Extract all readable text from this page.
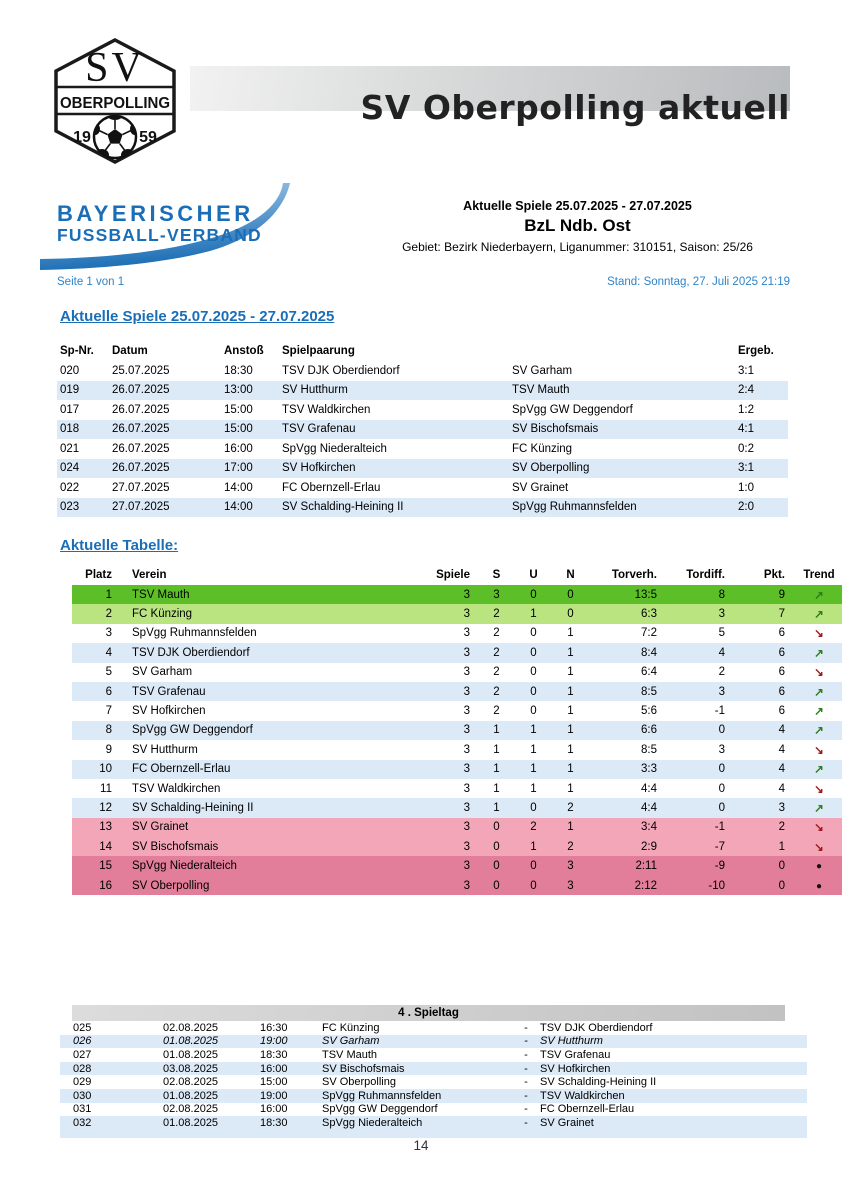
SV
OBERPOLLING
19	59
SV Oberpolling aktuell
BAYERISCHER
FUSSBALL-VERBAND
Aktuelle Spiele 25.07.2025 - 27.07.2025
BzL Ndb. Ost
Gebiet: Bezirk Niederbayern, Liganummer: 310151, Saison: 25/26
Seite 1 von 1	Stand: Sonntag, 27. Juli 2025 21:19
Aktuelle Spiele 25.07.2025 - 27.07.2025
Sp-Nr.	Datum	Anstoß	Spielpaarung		Ergeb.
020	25.07.2025	18:30	TSV DJK Oberdiendorf	SV Garham	3:1
019	26.07.2025	13:00	SV Hutthurm	TSV Mauth	2:4
017	26.07.2025	15:00	TSV Waldkirchen	SpVgg GW Deggendorf	1:2
018	26.07.2025	15:00	TSV Grafenau	SV Bischofsmais	4:1
021	26.07.2025	16:00	SpVgg Niederalteich	FC Künzing	0:2
024	26.07.2025	17:00	SV Hofkirchen	SV Oberpolling	3:1
022	27.07.2025	14:00	FC Obernzell-Erlau	SV Grainet	1:0
023	27.07.2025	14:00	SV Schalding-Heining II	SpVgg Ruhmannsfelden	2:0
Aktuelle Tabelle:
Platz	Verein	Spiele	S	U	N	Torverh.	Tordiff.	Pkt.	Trend
1	TSV Mauth	3	3	0	0	13:5	8	9	↗
2	FC Künzing	3	2	1	0	6:3	3	7	↗
3	SpVgg Ruhmannsfelden	3	2	0	1	7:2	5	6	↘
4	TSV DJK Oberdiendorf	3	2	0	1	8:4	4	6	↗
5	SV Garham	3	2	0	1	6:4	2	6	↘
6	TSV Grafenau	3	2	0	1	8:5	3	6	↗
7	SV Hofkirchen	3	2	0	1	5:6	-1	6	↗
8	SpVgg GW Deggendorf	3	1	1	1	6:6	0	4	↗
9	SV Hutthurm	3	1	1	1	8:5	3	4	↘
10	FC Obernzell-Erlau	3	1	1	1	3:3	0	4	↗
11	TSV Waldkirchen	3	1	1	1	4:4	0	4	↘
12	SV Schalding-Heining II	3	1	0	2	4:4	0	3	↗
13	SV Grainet	3	0	2	1	3:4	-1	2	↘
14	SV Bischofsmais	3	0	1	2	2:9	-7	1	↘
15	SpVgg Niederalteich	3	0	0	3	2:11	-9	0	●
16	SV Oberpolling	3	0	0	3	2:12	-10	0	●
4 . Spieltag
025	02.08.2025	16:30	FC Künzing	-	TSV DJK Oberdiendorf
026	01.08.2025	19:00	SV Garham	-	SV Hutthurm
027	01.08.2025	18:30	TSV Mauth	-	TSV Grafenau
028	03.08.2025	16:00	SV Bischofsmais	-	SV Hofkirchen
029	02.08.2025	15:00	SV Oberpolling	-	SV Schalding-Heining II
030	01.08.2025	19:00	SpVgg Ruhmannsfelden	-	TSV Waldkirchen
031	02.08.2025	16:00	SpVgg GW Deggendorf	-	FC Obernzell-Erlau
032	01.08.2025	18:30	SpVgg Niederalteich	-	SV Grainet

14
